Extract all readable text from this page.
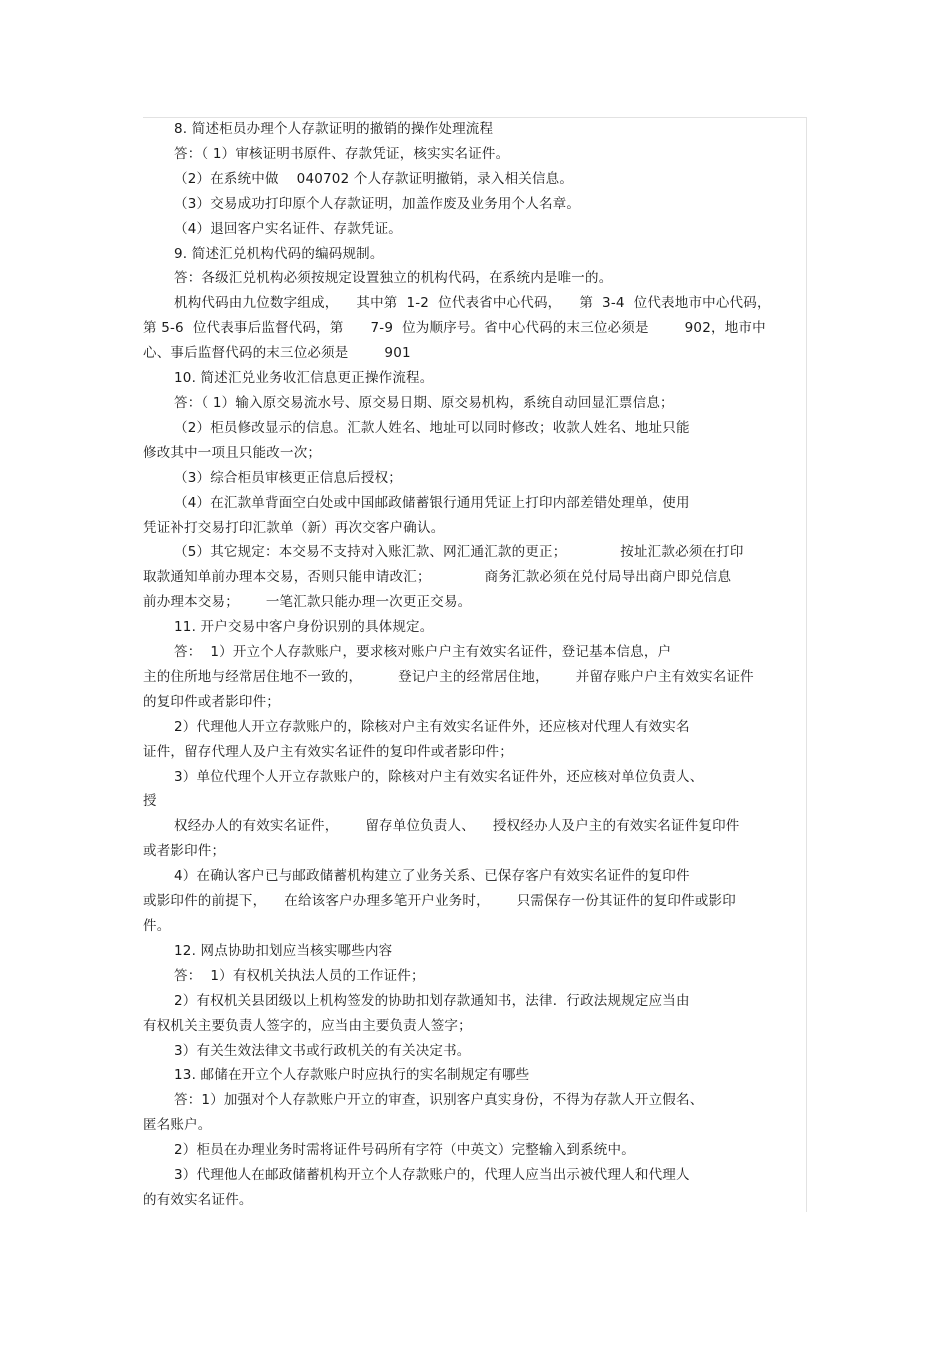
8. 简述柜员办理个人存款证明的撤销的操作处理流程
答：（ 1）审核证明书原件、存款凭证，核实实名证件。
（2）在系统中做    040702 个人存款证明撤销，录入相关信息。
（3）交易成功打印原个人存款证明，加盖作废及业务用个人名章。
（4）退回客户实名证件、存款凭证。
9. 简述汇兑机构代码的编码规制。
答：各级汇兑机构必须按规定设置独立的机构代码，在系统内是唯一的。
机构代码由九位数字组成，    其中第  1-2  位代表省中心代码，    第  3-4  位代表地市中心代码，
第 5-6  位代表事后监督代码，第      7-9  位为顺序号。省中心代码的末三位必须是        902，地市中
心、事后监督代码的末三位必须是        901
10. 简述汇兑业务收汇信息更正操作流程。
答：（ 1）输入原交易流水号、原交易日期、原交易机构，系统自动回显汇票信息；
（2）柜员修改显示的信息。汇款人姓名、地址可以同时修改；收款人姓名、地址只能
修改其中一项且只能改一次；
（3）综合柜员审核更正信息后授权；
（4）在汇款单背面空白处或中国邮政储蓄银行通用凭证上打印内部差错处理单，使用
凭证补打交易打印汇款单（新）再次交客户确认。
（5）其它规定：本交易不支持对入账汇款、网汇通汇款的更正；            按址汇款必须在打印
取款通知单前办理本交易，否则只能申请改汇；            商务汇款必须在兑付局导出商户即兑信息
前办理本交易；      一笔汇款只能办理一次更正交易。
11. 开户交易中客户身份识别的具体规定。
答：  1）开立个人存款账户，要求核对账户户主有效实名证件，登记基本信息，户
主的住所地与经常居住地不一致的，        登记户主的经常居住地，      并留存账户户主有效实名证件
的复印件或者影印件；
2）代理他人开立存款账户的，除核对户主有效实名证件外，还应核对代理人有效实名
证件，留存代理人及户主有效实名证件的复印件或者影印件；
3）单位代理个人开立存款账户的，除核对户主有效实名证件外，还应核对单位负责人、
授
权经办人的有效实名证件，      留存单位负责人、    授权经办人及户主的有效实名证件复印件
或者影印件；
4）在确认客户已与邮政储蓄机构建立了业务关系、已保存客户有效实名证件的复印件
或影印件的前提下，    在给该客户办理多笔开户业务时，      只需保存一份其证件的复印件或影印
件。
12. 网点协助扣划应当核实哪些内容
答：  1）有权机关执法人员的工作证件；
2）有权机关县团级以上机构签发的协助扣划存款通知书，法律．行政法规规定应当由
有权机关主要负责人签字的，应当由主要负责人签字；
3）有关生效法律文书或行政机关的有关决定书。
13. 邮储在开立个人存款账户时应执行的实名制规定有哪些
答：1）加强对个人存款账户开立的审查，识别客户真实身份，不得为存款人开立假名、
匿名账户。
2）柜员在办理业务时需将证件号码所有字符（中英文）完整输入到系统中。
3）代理他人在邮政储蓄机构开立个人存款账户的，代理人应当出示被代理人和代理人
的有效实名证件。
